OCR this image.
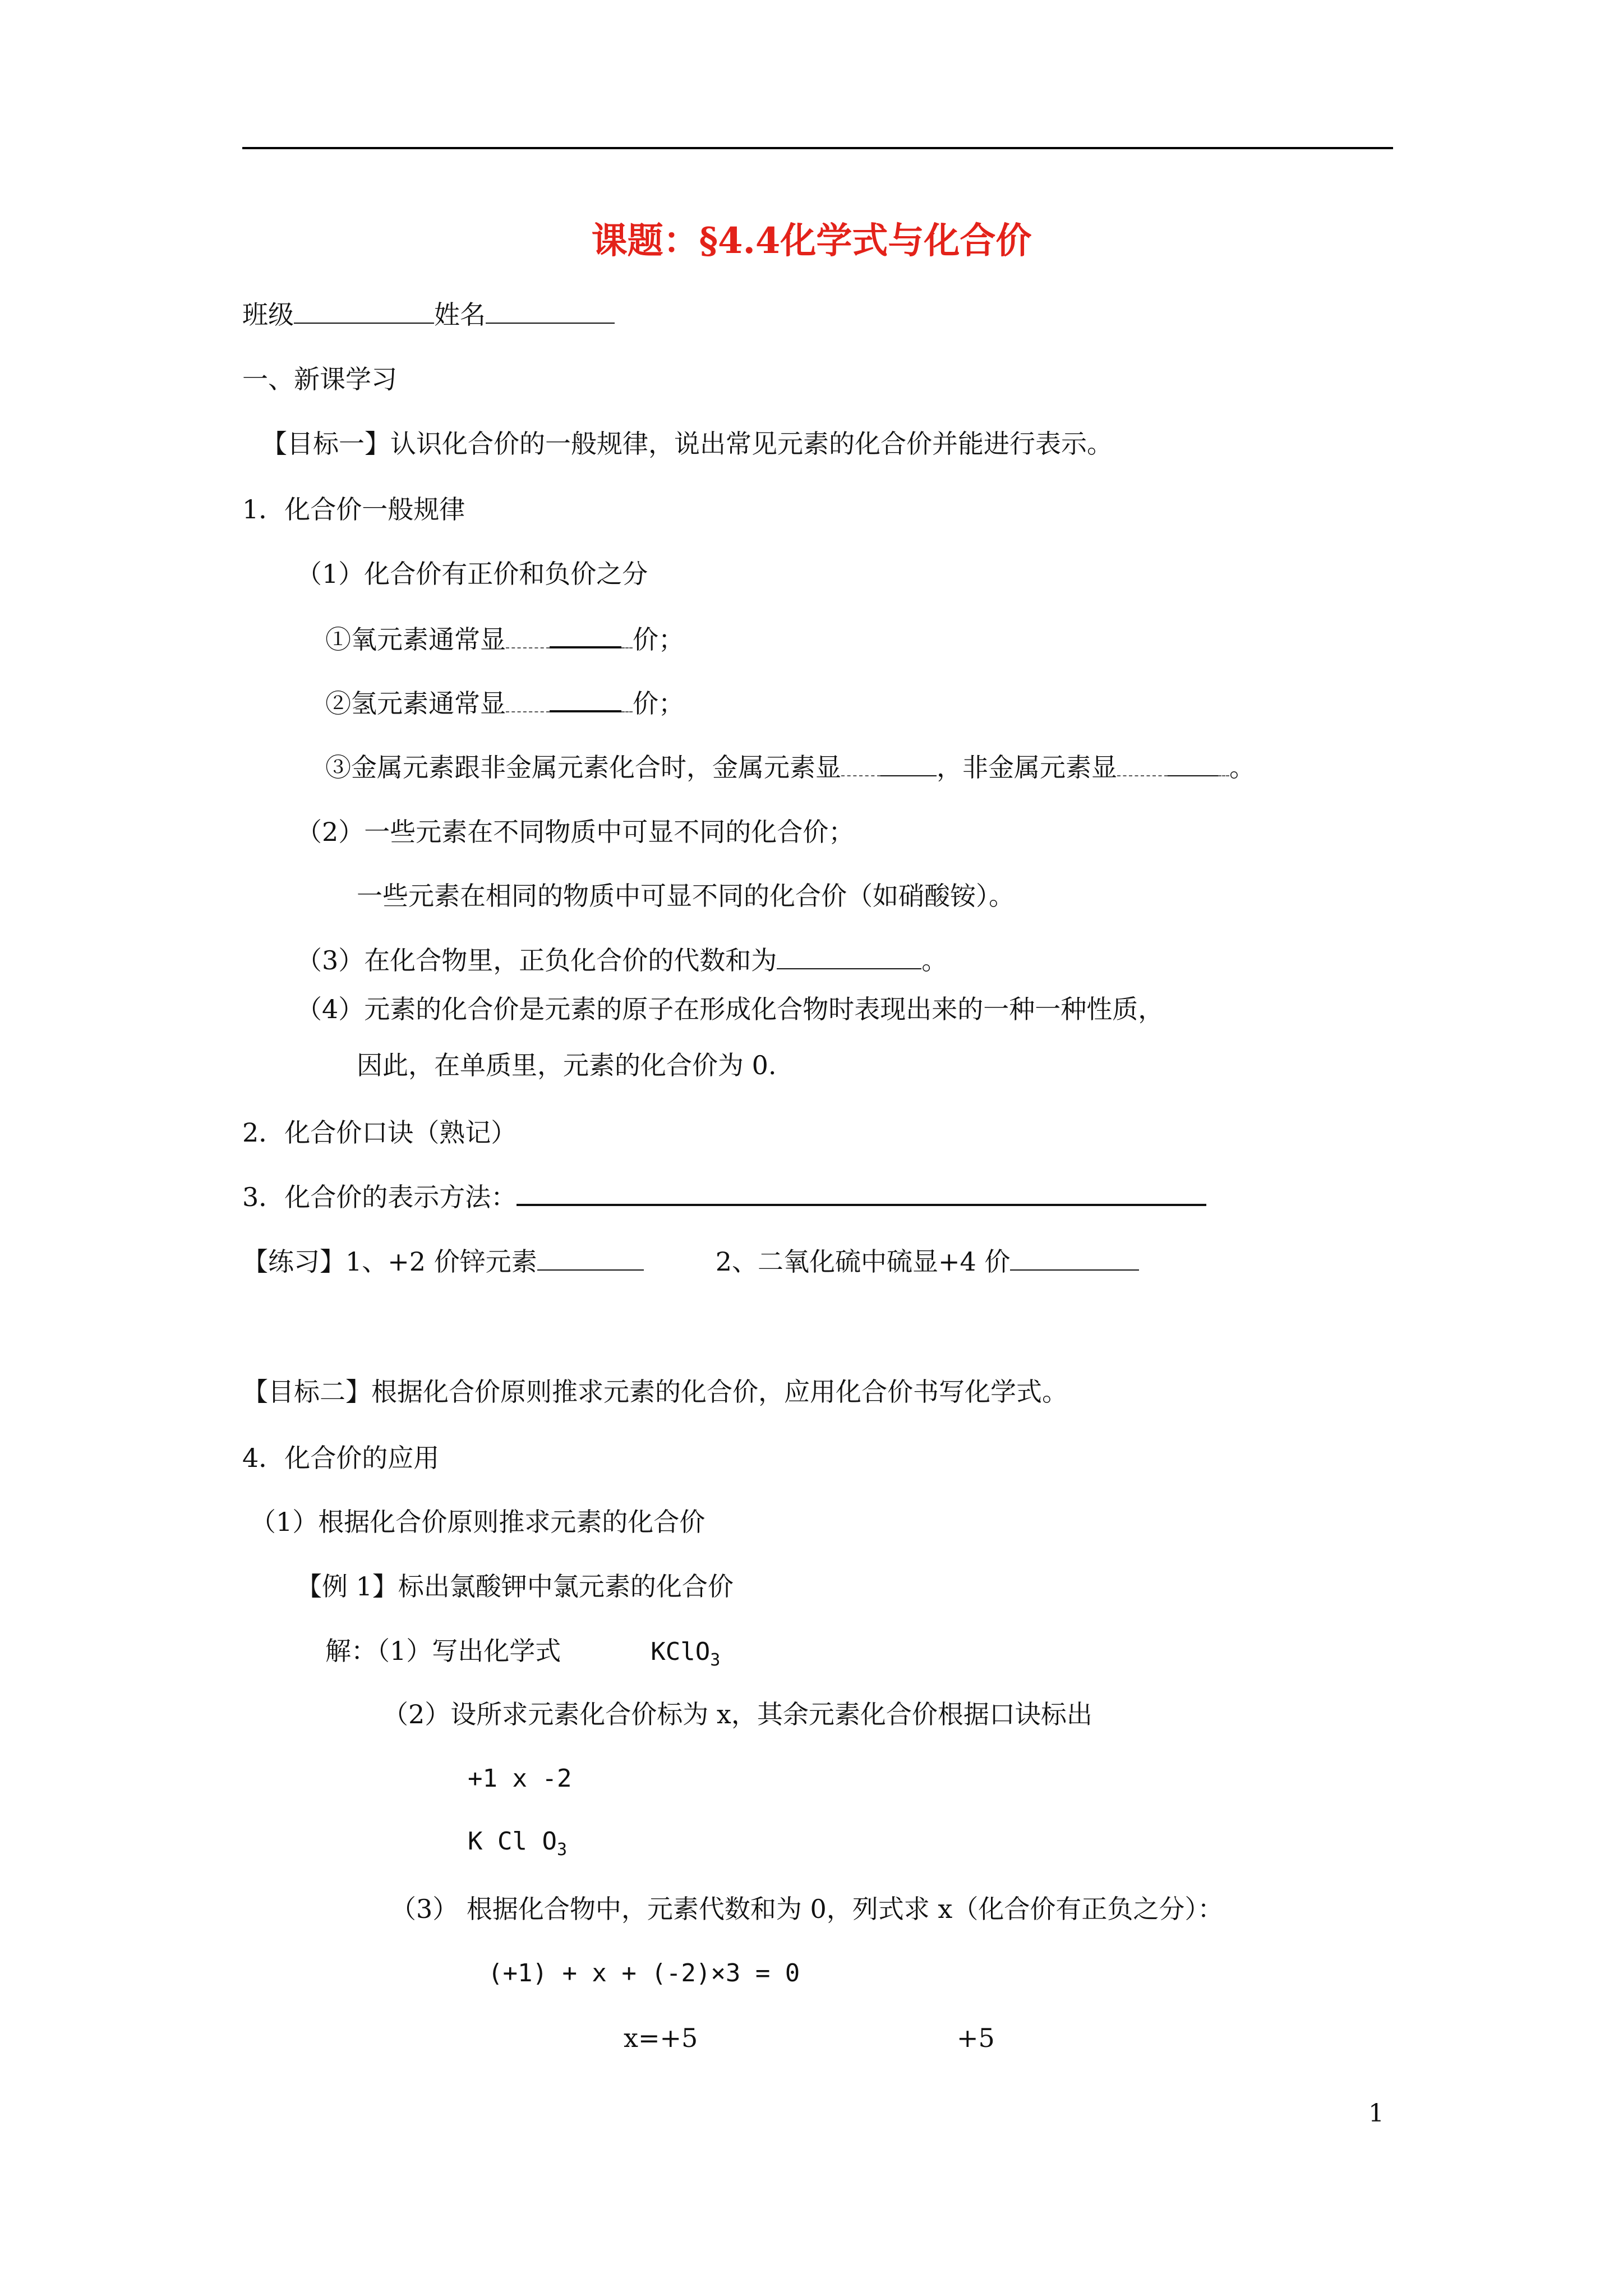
课题：§4.4化学式与化合价
班级	姓名
一、新课学习
【目标一】认识化合价的一般规律，说出常见元素的化合价并能进行表示。
1．化合价一般规律
（1）化合价有正价和负价之分
①氧元素通常显	价；
②氢元素通常显	价；
③金属元素跟非金属元素化合时，金属元素显	，非金属元素显	。
（2）一些元素在不同物质中可显不同的化合价；
一些元素在相同的物质中可显不同的化合价（如硝酸铵）。
（3）在化合物里，正负化合价的代数和为	。
（4）元素的化合价是元素的原子在形成化合物时表现出来的一种一种性质，
因此，在单质里，元素的化合价为 0.
2．化合价口诀（熟记）
3．化合价的表示方法：
【练习】1、+2 价锌元素	2、二氧化硫中硫显+4 价
【目标二】根据化合价原则推求元素的化合价，应用化合价书写化学式。
4．化合价的应用
（1）根据化合价原则推求元素的化合价
【例 1】标出氯酸钾中氯元素的化合价
解：（1）写出化学式	KClO$_3$
（2）设所求元素化合价标为 x，其余元素化合价根据口诀标出
+1 x -2
K Cl $O_3$
（3） 根据化合物中，元素代数和为 0，列式求 x（化合价有正负之分）：
(+1) + x + (-2)×3 = 0
x=+5	+5
1
